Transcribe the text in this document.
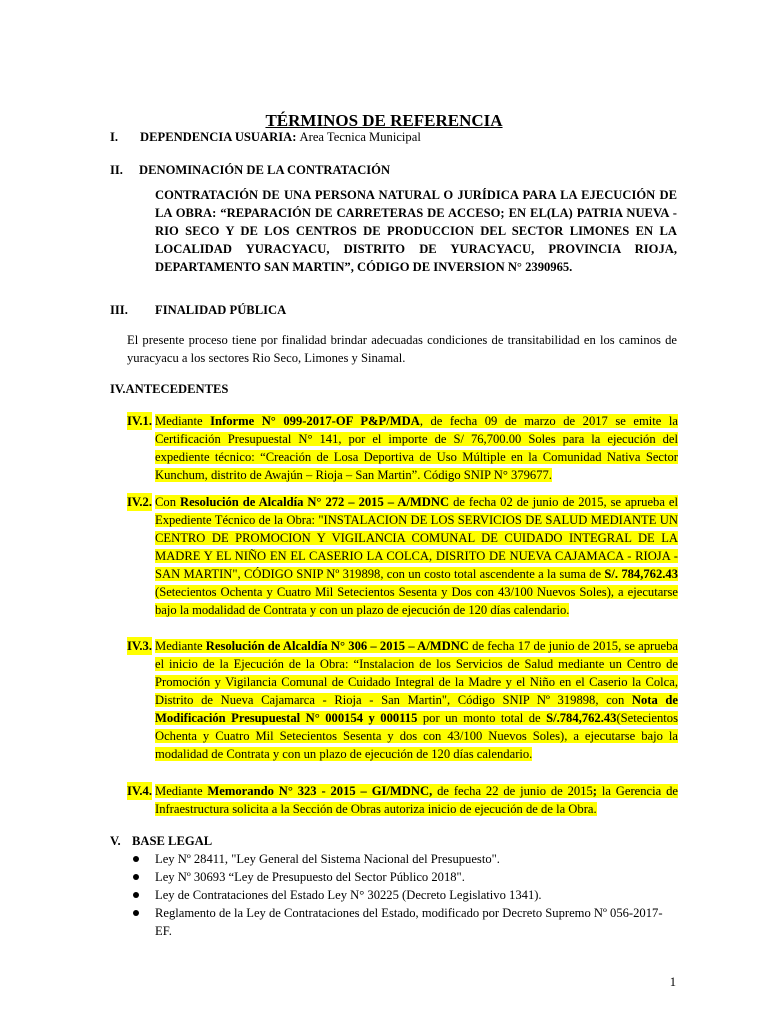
TÉRMINOS DE REFERENCIA
I. DEPENDENCIA USUARIA: Area Tecnica Municipal
II. DENOMINACIÓN DE LA CONTRATACIÓN
CONTRATACIÓN DE UNA PERSONA NATURAL O JURÍDICA PARA LA EJECUCIÓN DE LA OBRA: “REPARACIÓN DE CARRETERAS DE ACCESO; EN EL(LA) PATRIA NUEVA - RIO SECO Y DE LOS CENTROS DE PRODUCCION DEL SECTOR LIMONES EN LA LOCALIDAD YURACYACU, DISTRITO DE YURACYACU, PROVINCIA RIOJA, DEPARTAMENTO SAN MARTIN”, CÓDIGO DE INVERSION N° 2390965.
III. FINALIDAD PÚBLICA
El presente proceso tiene por finalidad brindar adecuadas condiciones de transitabilidad en los caminos de yuracyacu a los sectores Rio Seco, Limones y Sinamal.
IV.ANTECEDENTES
IV.1. Mediante Informe N° 099-2017-OF P&P/MDA, de fecha 09 de marzo de 2017 se emite la Certificación Presupuestal N° 141, por el importe de S/ 76,700.00 Soles para la ejecución del expediente técnico: “Creación de Losa Deportiva de Uso Múltiple en la Comunidad Nativa Sector Kunchum, distrito de Awajún – Rioja – San Martin”. Código SNIP N° 379677.
IV.2. Con Resolución de Alcaldía N° 272 – 2015 – A/MDNC de fecha 02 de junio de 2015, se aprueba el Expediente Técnico de la Obra: "INSTALACION DE LOS SERVICIOS DE SALUD MEDIANTE UN CENTRO DE PROMOCION Y VIGILANCIA COMUNAL DE CUIDADO INTEGRAL DE LA MADRE Y EL NIÑO EN EL CASERIO LA COLCA, DISRITO DE NUEVA CAJAMACA - RIOJA - SAN MARTIN", CÓDIGO SNIP Nº 319898, con un costo total ascendente a la suma de S/. 784,762.43 (Setecientos Ochenta y Cuatro Mil Setecientos Sesenta y Dos con 43/100 Nuevos Soles), a ejecutarse bajo la modalidad de Contrata y con un plazo de ejecución de 120 días calendario.
IV.3. Mediante Resolución de Alcaldía N° 306 – 2015 – A/MDNC de fecha 17 de junio de 2015, se aprueba el inicio de la Ejecución de la Obra: “Instalacion de los Servicios de Salud mediante un Centro de Promoción y Vigilancia Comunal de Cuidado Integral de la Madre y el Niño en el Caserio la Colca, Distrito de Nueva Cajamarca - Rioja - San Martin", Código SNIP Nº 319898, con Nota de Modificación Presupuestal N° 000154 y 000115 por un monto total de S/.784,762.43(Setecientos Ochenta y Cuatro Mil Setecientos Sesenta y dos con 43/100 Nuevos Soles), a ejecutarse bajo la modalidad de Contrata y con un plazo de ejecución de 120 días calendario.
IV.4. Mediante Memorando N° 323 - 2015 – GI/MDNC, de fecha 22 de junio de 2015; la Gerencia de Infraestructura solicita a la Sección de Obras autoriza inicio de ejecución de de la Obra.
V. BASE LEGAL
Ley Nº 28411, "Ley General del Sistema Nacional del Presupuesto".
Ley Nº 30693 “Ley de Presupuesto del Sector Público 2018".
Ley de Contrataciones del Estado Ley N° 30225 (Decreto Legislativo 1341).
Reglamento de la Ley de Contrataciones del Estado, modificado por Decreto Supremo Nº 056-2017-EF.
1
